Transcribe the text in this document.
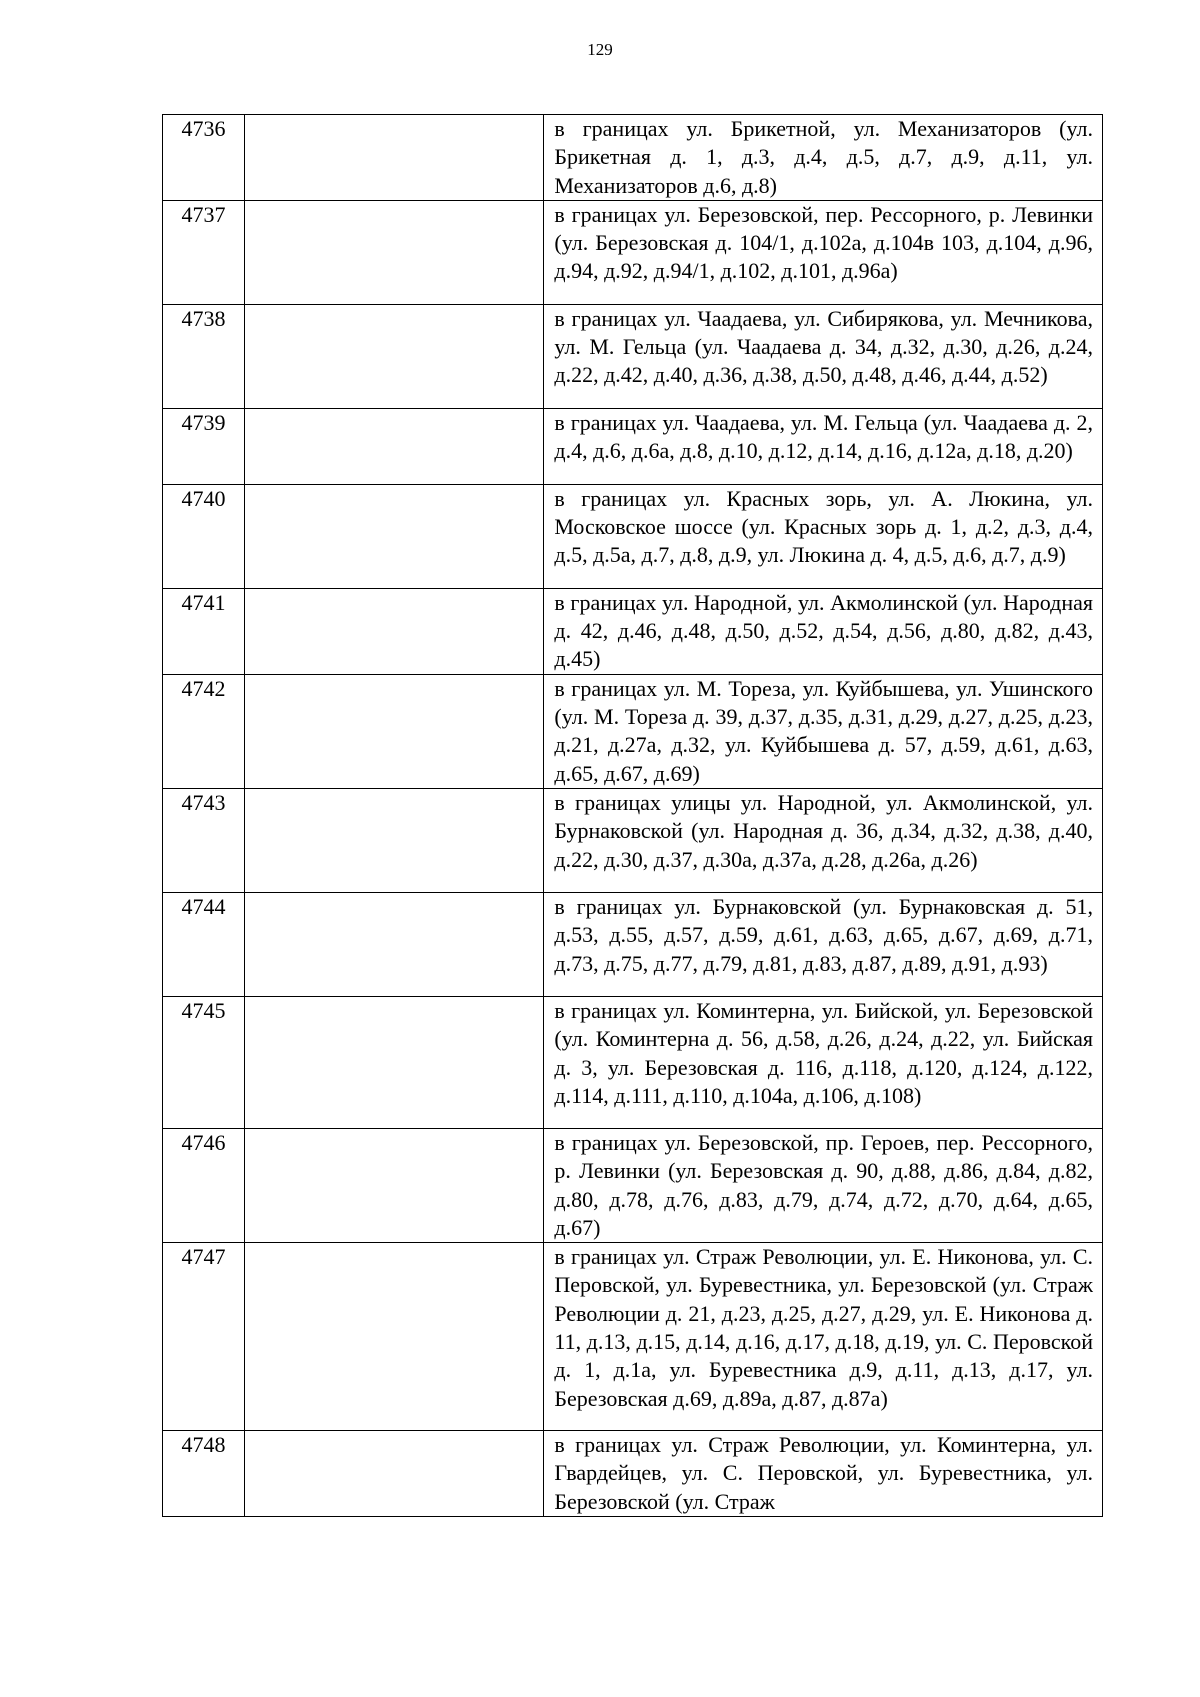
129
4736		в границах ул. Брикетной, ул. Механизаторов (ул. Брикетная д. 1, д.3, д.4, д.5, д.7, д.9, д.11, ул. Механизаторов д.6, д.8)

4737		в границах ул. Березовской, пер. Рессорного, р. Левинки (ул. Березовская д. 104/1, д.102а, д.104в 103, д.104, д.96, д.94, д.92, д.94/1, д.102, д.101, д.96а)

4738		в границах ул. Чаадаева, ул. Сибирякова, ул. Мечникова, ул. М. Гельца (ул. Чаадаева д. 34, д.32, д.30, д.26, д.24, д.22, д.42, д.40, д.36, д.38, д.50, д.48, д.46, д.44, д.52)

4739		в границах ул. Чаадаева, ул. М. Гельца (ул. Чаадаева д. 2, д.4, д.6, д.6а, д.8, д.10, д.12, д.14, д.16, д.12а, д.18, д.20)

4740		в границах ул. Красных зорь, ул. А. Люкина, ул. Московское шоссе (ул. Красных зорь д. 1, д.2, д.3, д.4, д.5, д.5а, д.7, д.8, д.9, ул. Люкина д. 4, д.5, д.6, д.7, д.9)

4741		в границах ул. Народной, ул. Акмолинской (ул. Народная д. 42, д.46, д.48, д.50, д.52, д.54, д.56, д.80, д.82, д.43, д.45)

4742		в границах ул. М. Тореза, ул. Куйбышева, ул. Ушинского (ул. М. Тореза д. 39, д.37, д.35, д.31, д.29, д.27, д.25, д.23, д.21, д.27а, д.32, ул. Куйбышева д. 57, д.59, д.61, д.63, д.65, д.67, д.69)

4743		в границах улицы ул. Народной, ул. Акмолинской, ул. Бурнаковской (ул. Народная д. 36, д.34, д.32, д.38, д.40, д.22, д.30, д.37, д.30а, д.37а, д.28, д.26а, д.26)

4744		в границах ул. Бурнаковской (ул. Бурнаковская д. 51, д.53, д.55, д.57, д.59, д.61, д.63, д.65, д.67, д.69, д.71, д.73, д.75, д.77, д.79, д.81, д.83, д.87, д.89, д.91, д.93)

4745		в границах ул. Коминтерна, ул. Бийской, ул. Березовской (ул. Коминтерна д. 56, д.58, д.26, д.24, д.22, ул. Бийская д. 3, ул. Березовская д. 116, д.118, д.120, д.124, д.122, д.114, д.111, д.110, д.104а, д.106, д.108)

4746		в границах ул. Березовской, пр. Героев, пер. Рессорного, р. Левинки (ул. Березовская д. 90, д.88, д.86, д.84, д.82, д.80, д.78, д.76, д.83, д.79, д.74, д.72, д.70, д.64, д.65, д.67)

4747		в границах ул. Страж Революции, ул. Е. Никонова, ул. С. Перовской, ул. Буревестника, ул. Березовской (ул. Страж Революции д. 21, д.23, д.25, д.27, д.29, ул. Е. Никонова д. 11, д.13, д.15, д.14, д.16, д.17, д.18, д.19, ул. С. Перовской д. 1, д.1а, ул. Буревестника д.9, д.11, д.13, д.17, ул. Березовская д.69, д.89а, д.87, д.87а)

4748		в границах ул. Страж Революции, ул. Коминтерна, ул. Гвардейцев, ул. С. Перовской, ул. Буревестника, ул. Березовской (ул. Страж
